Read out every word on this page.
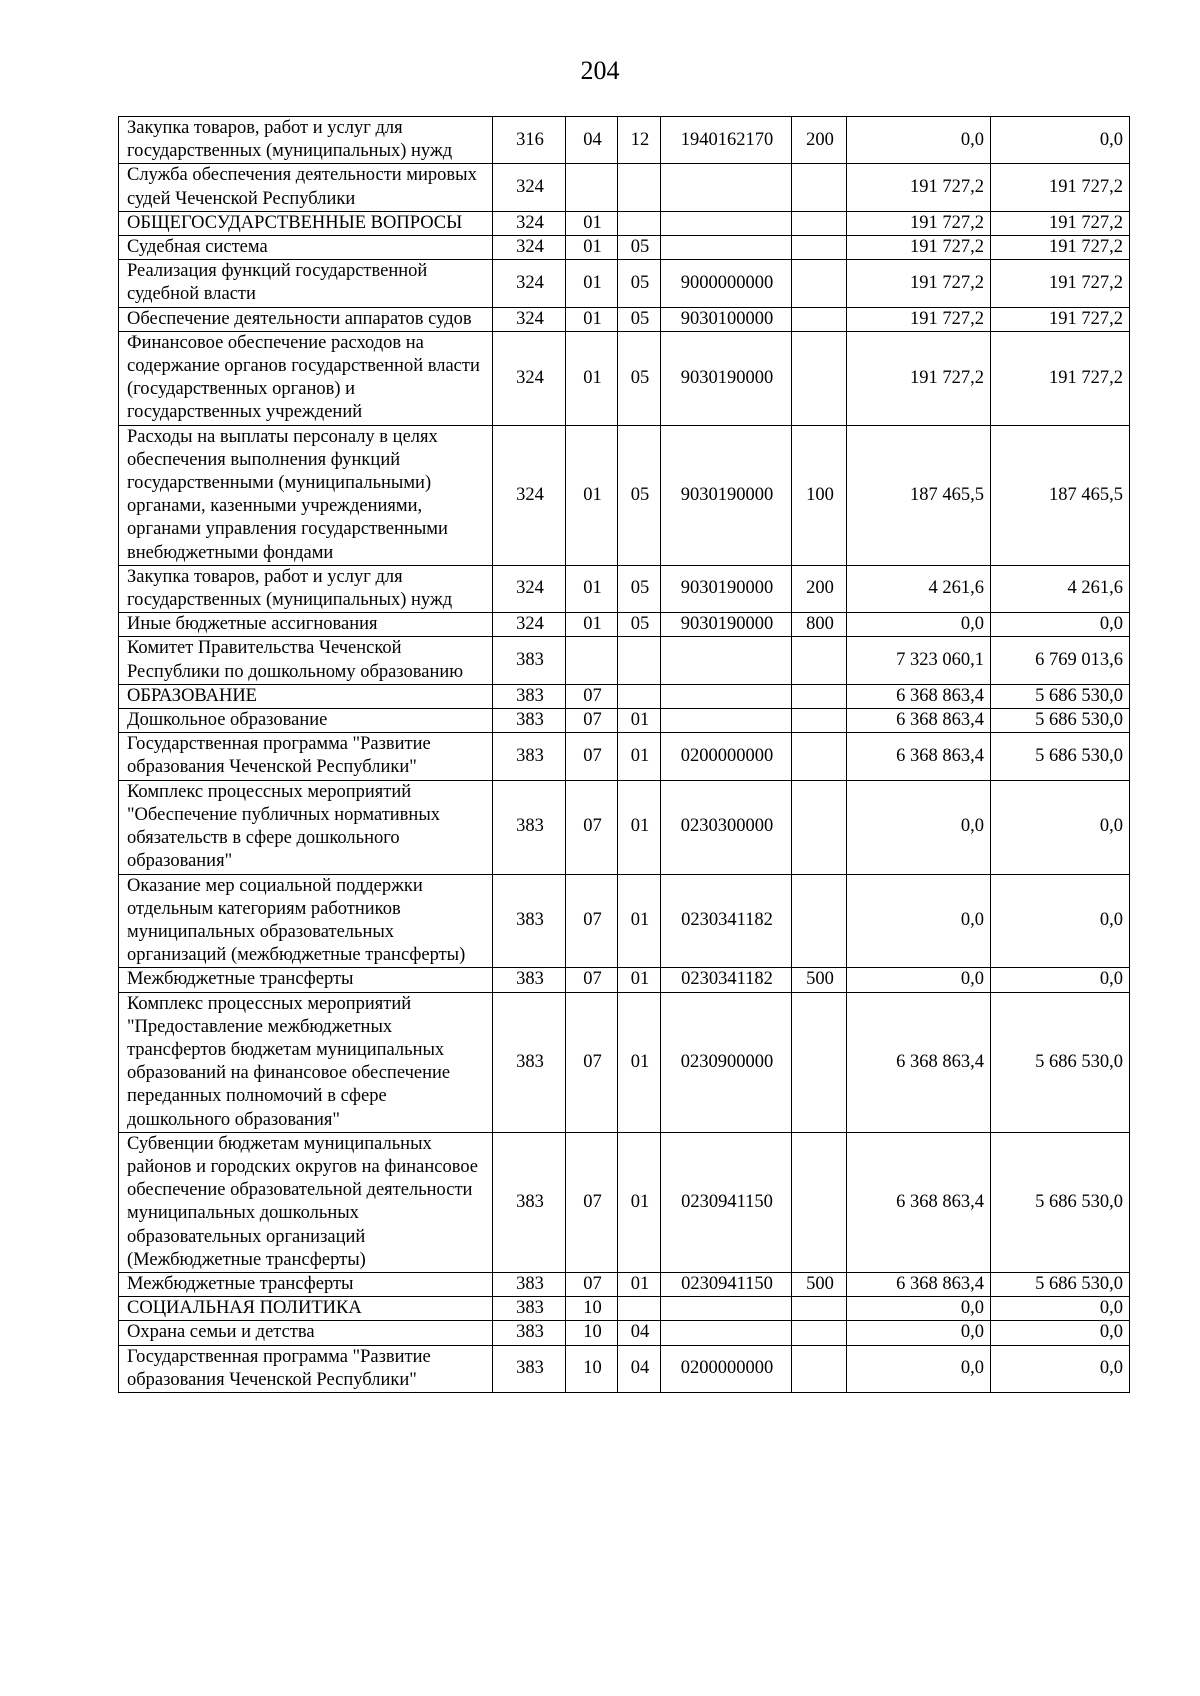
204
Закупка товаров, работ и услуг для государственных (муниципальных) нужд	316	04	12	1940162170	200	0,0	0,0
Служба обеспечения деятельности мировых судей Чеченской Республики	324					191 727,2	191 727,2
ОБЩЕГОСУДАРСТВЕННЫЕ ВОПРОСЫ	324	01				191 727,2	191 727,2
Судебная система	324	01	05			191 727,2	191 727,2
Реализация функций государственной судебной власти	324	01	05	9000000000		191 727,2	191 727,2
Обеспечение деятельности аппаратов судов	324	01	05	9030100000		191 727,2	191 727,2
Финансовое обеспечение расходов на содержание органов государственной власти (государственных органов) и государственных учреждений	324	01	05	9030190000		191 727,2	191 727,2
Расходы на выплаты персоналу в целях обеспечения выполнения функций государственными (муниципальными) органами, казенными учреждениями, органами управления государственными внебюджетными фондами	324	01	05	9030190000	100	187 465,5	187 465,5
Закупка товаров, работ и услуг для государственных (муниципальных) нужд	324	01	05	9030190000	200	4 261,6	4 261,6
Иные бюджетные ассигнования	324	01	05	9030190000	800	0,0	0,0
Комитет Правительства Чеченской Республики по дошкольному образованию	383					7 323 060,1	6 769 013,6
ОБРАЗОВАНИЕ	383	07				6 368 863,4	5 686 530,0
Дошкольное образование	383	07	01			6 368 863,4	5 686 530,0
Государственная программа "Развитие образования Чеченской Республики"	383	07	01	0200000000		6 368 863,4	5 686 530,0
Комплекс процессных мероприятий "Обеспечение публичных нормативных обязательств в сфере дошкольного образования"	383	07	01	0230300000		0,0	0,0
Оказание мер социальной поддержки отдельным категориям работников муниципальных образовательных организаций (межбюджетные трансферты)	383	07	01	0230341182		0,0	0,0
Межбюджетные трансферты	383	07	01	0230341182	500	0,0	0,0
Комплекс процессных мероприятий "Предоставление межбюджетных трансфертов бюджетам муниципальных образований на финансовое обеспечение переданных полномочий в сфере дошкольного образования"	383	07	01	0230900000		6 368 863,4	5 686 530,0
Субвенции бюджетам муниципальных районов и городских округов на финансовое обеспечение образовательной деятельности муниципальных дошкольных образовательных организаций (Межбюджетные трансферты)	383	07	01	0230941150		6 368 863,4	5 686 530,0
Межбюджетные трансферты	383	07	01	0230941150	500	6 368 863,4	5 686 530,0
СОЦИАЛЬНАЯ ПОЛИТИКА	383	10				0,0	0,0
Охрана семьи и детства	383	10	04			0,0	0,0
Государственная программа "Развитие образования Чеченской Республики"	383	10	04	0200000000		0,0	0,0
